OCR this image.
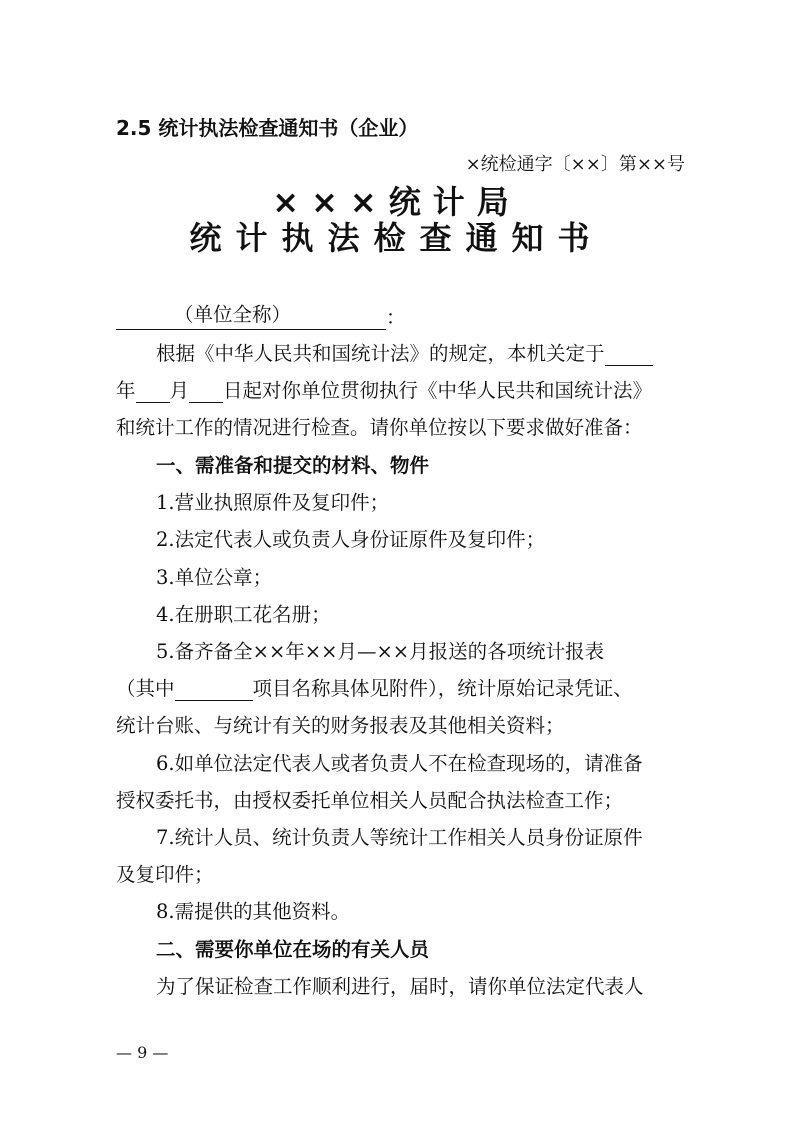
2.5 统计执法检查通知书（企业）
×统检通字〔××〕第××号
×××统计局
统计执法检查通知书
（单位全称）	：
根据《中华人民共和国统计法》的规定，本机关定于
年 月 日起对你单位贯彻执行《中华人民共和国统计法》
和统计工作的情况进行检查。请你单位按以下要求做好准备：
一、需准备和提交的材料、物件
1.营业执照原件及复印件；
2.法定代表人或负责人身份证原件及复印件；
3.单位公章；
4.在册职工花名册；
5.备齐备全××年××月—××月报送的各项统计报表
（其中	项目名称具体见附件），统计原始记录凭证、
统计台账、与统计有关的财务报表及其他相关资料；
6.如单位法定代表人或者负责人不在检查现场的，请准备
授权委托书，由授权委托单位相关人员配合执法检查工作；
7.统计人员、统计负责人等统计工作相关人员身份证原件
及复印件；
8.需提供的其他资料。
二、需要你单位在场的有关人员
为了保证检查工作顺利进行，届时，请你单位法定代表人
— 9 —
